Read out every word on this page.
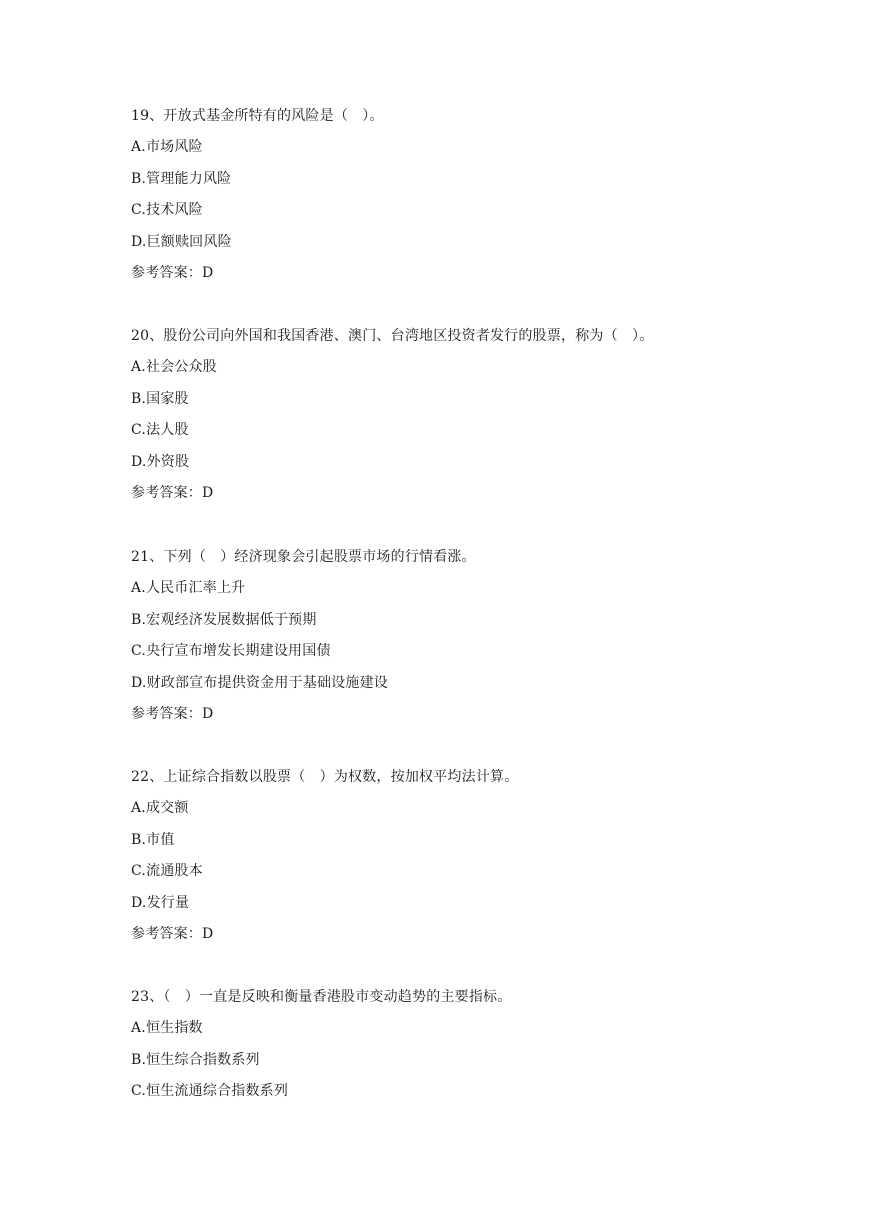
19、开放式基金所特有的风险是（　）。
A.市场风险
B.管理能力风险
C.技术风险
D.巨额赎回风险
参考答案：D
20、股份公司向外国和我国香港、澳门、台湾地区投资者发行的股票，称为（　）。
A.社会公众股
B.国家股
C.法人股
D.外资股
参考答案：D
21、下列（　）经济现象会引起股票市场的行情看涨。
A.人民币汇率上升
B.宏观经济发展数据低于预期
C.央行宣布增发长期建设用国债
D.财政部宣布提供资金用于基础设施建设
参考答案：D
22、上证综合指数以股票（　）为权数，按加权平均法计算。
A.成交额
B.市值
C.流通股本
D.发行量
参考答案：D
23、（　）一直是反映和衡量香港股市变动趋势的主要指标。
A.恒生指数
B.恒生综合指数系列
C.恒生流通综合指数系列
